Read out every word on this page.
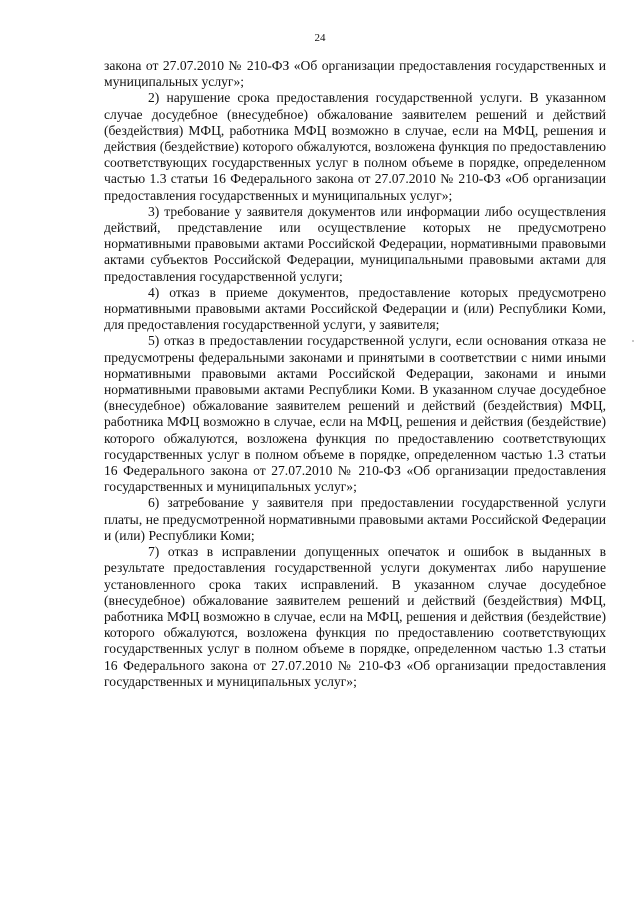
24

закона от 27.07.2010 № 210-ФЗ «Об организации предоставления государственных и муниципальных услуг»;

2) нарушение срока предоставления государственной услуги. В указанном случае досудебное (внесудебное) обжалование заявителем решений и действий (бездействия) МФЦ, работника МФЦ возможно в случае, если на МФЦ, решения и действия (бездействие) которого обжалуются, возложена функция по предоставлению соответствующих государственных услуг в полном объеме в порядке, определенном частью 1.3 статьи 16 Федерального закона от 27.07.2010 № 210-ФЗ «Об организации предоставления государственных и муниципальных услуг»;

3) требование у заявителя документов или информации либо осуществления действий, представление или осуществление которых не предусмотрено нормативными правовыми актами Российской Федерации, нормативными правовыми актами субъектов Российской Федерации, муниципальными правовыми актами для предоставления государственной услуги;

4) отказ в приеме документов, предоставление которых предусмотрено нормативными правовыми актами Российской Федерации и (или) Республики Коми, для предоставления государственной услуги, у заявителя;

5) отказ в предоставлении государственной услуги, если основания отказа не предусмотрены федеральными законами и принятыми в соответствии с ними иными нормативными правовыми актами Российской Федерации, законами и иными нормативными правовыми актами Республики Коми. В указанном случае досудебное (внесудебное) обжалование заявителем решений и действий (бездействия) МФЦ, работника МФЦ возможно в случае, если на МФЦ, решения и действия (бездействие) которого обжалуются, возложена функция по предоставлению соответствующих государственных услуг в полном объеме в порядке, определенном частью 1.3 статьи 16 Федерального закона от 27.07.2010 № 210-ФЗ «Об организации предоставления государственных и муниципальных услуг»;

6) затребование у заявителя при предоставлении государственной услуги платы, не предусмотренной нормативными правовыми актами Российской Федерации и (или) Республики Коми;

7) отказ в исправлении допущенных опечаток и ошибок в выданных в результате предоставления государственной услуги документах либо нарушение установленного срока таких исправлений. В указанном случае досудебное (внесудебное) обжалование заявителем решений и действий (бездействия) МФЦ, работника МФЦ возможно в случае, если на МФЦ, решения и действия (бездействие) которого обжалуются, возложена функция по предоставлению соответствующих государственных услуг в полном объеме в порядке, определенном частью 1.3 статьи 16 Федерального закона от 27.07.2010 № 210-ФЗ «Об организации предоставления государственных и муниципальных услуг»;
